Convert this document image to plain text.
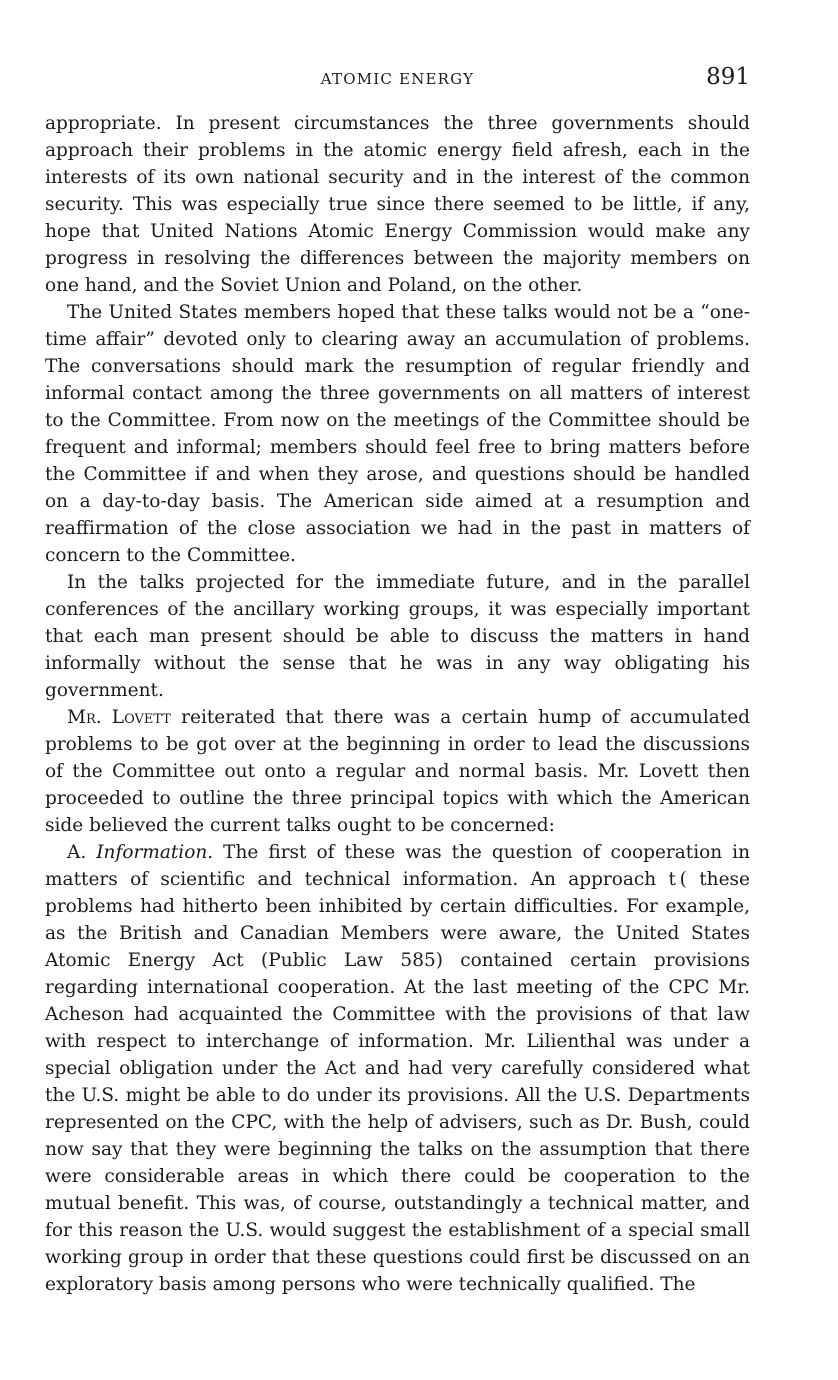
ATOMIC ENERGY	891

appropriate. In present circumstances the three governments should approach their problems in the atomic energy field afresh, each in the interests of its own national security and in the interest of the common security. This was especially true since there seemed to be little, if any, hope that United Nations Atomic Energy Commission would make any progress in resolving the differences between the majority members on one hand, and the Soviet Union and Poland, on the other.

The United States members hoped that these talks would not be a “one-time affair” devoted only to clearing away an accumulation of problems. The conversations should mark the resumption of regular friendly and informal contact among the three governments on all matters of interest to the Committee. From now on the meetings of the Committee should be frequent and informal; members should feel free to bring matters before the Committee if and when they arose, and questions should be handled on a day-to-day basis. The American side aimed at a resumption and reaffirmation of the close association we had in the past in matters of concern to the Committee.

In the talks projected for the immediate future, and in the parallel conferences of the ancillary working groups, it was especially important that each man present should be able to discuss the matters in hand informally without the sense that he was in any way obligating his government.

Mr. Lovett reiterated that there was a certain hump of accumulated problems to be got over at the beginning in order to lead the discussions of the Committee out onto a regular and normal basis. Mr. Lovett then proceeded to outline the three principal topics with which the American side believed the current talks ought to be concerned:

A. Information. The first of these was the question of cooperation in matters of scientific and technical information. An approach t ( these problems had hitherto been inhibited by certain difficulties. For example, as the British and Canadian Members were aware, the United States Atomic Energy Act (Public Law 585) contained certain provisions regarding international cooperation. At the last meeting of the CPC Mr. Acheson had acquainted the Committee with the provisions of that law with respect to interchange of information. Mr. Lilienthal was under a special obligation under the Act and had very carefully considered what the U.S. might be able to do under its provisions. All the U.S. Departments represented on the CPC, with the help of advisers, such as Dr. Bush, could now say that they were beginning the talks on the assumption that there were considerable areas in which there could be cooperation to the mutual benefit. This was, of course, outstandingly a technical matter, and for this reason the U.S. would suggest the establishment of a special small working group in order that these questions could first be discussed on an exploratory basis among persons who were technically qualified. The
